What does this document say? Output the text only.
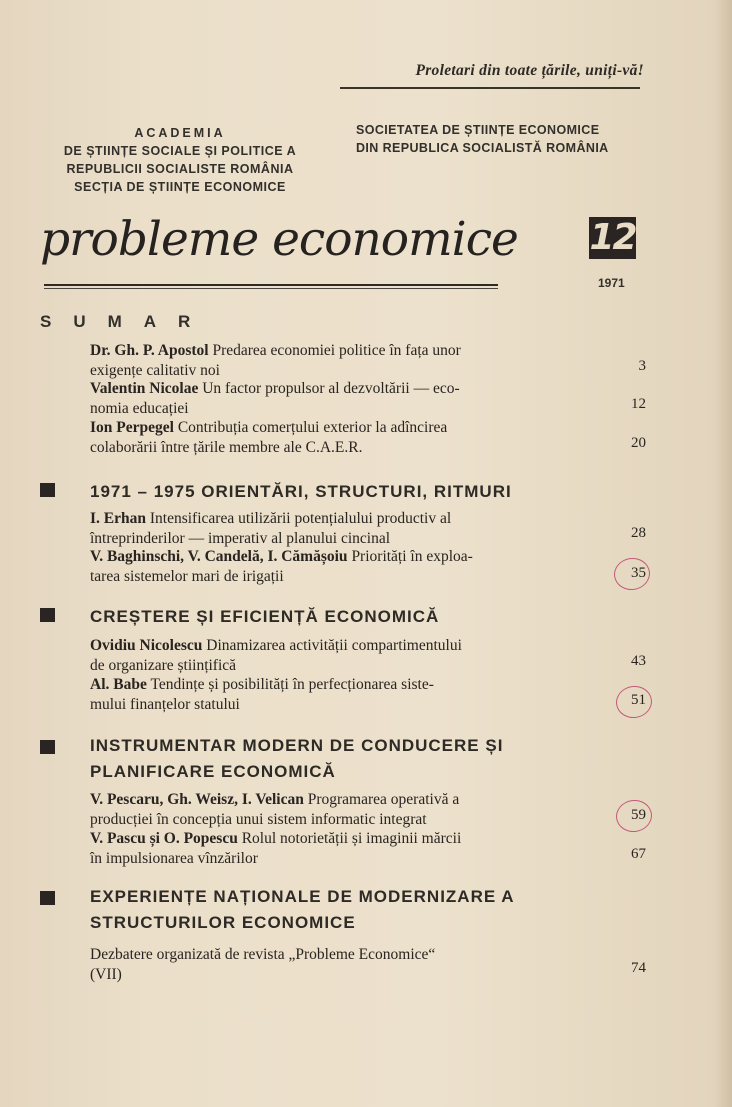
Proletari din toate țările, uniți-vă!
ACADEMIA
DE ȘTIINȚE SOCIALE ȘI POLITICE A
REPUBLICII SOCIALISTE ROMÂNIA
SECȚIA DE ȘTIINȚE ECONOMICE
SOCIETATEA DE ȘTIINȚE ECONOMICE
DIN REPUBLICA SOCIALISTĂ ROMÂNIA
probleme economice 12
1971
SUMAR
Dr. Gh. P. Apostol Predarea economiei politice în fața unor
exigențe calitativ noi	3
Valentin Nicolae Un factor propulsor al dezvoltării — eco-
nomia educației	12
Ion Perpegel Contribuția comerțului exterior la adîncirea
colaborării între țările membre ale C.A.E.R.	20
1971 – 1975 ORIENTĂRI, STRUCTURI, RITMURI
I. Erhan Intensificarea utilizării potențialului productiv al
întreprinderilor — imperativ al planului cincinal	28
V. Baghinschi, V. Candelă, I. Cămășoiu Priorități în exploa-
tarea sistemelor mari de irigații	35
CREȘTERE ȘI EFICIENȚĂ ECONOMICĂ
Ovidiu Nicolescu Dinamizarea activității compartimentului
de organizare științifică	43
Al. Babe Tendințe și posibilități în perfecționarea siste-
mului finanțelor statului	51
INSTRUMENTAR MODERN DE CONDUCERE ȘI
PLANIFICARE ECONOMICĂ
V. Pescaru, Gh. Weisz, I. Velican Programarea operativă a
producției în concepția unui sistem informatic integrat	59
V. Pascu și O. Popescu Rolul notorietății și imaginii mărcii
în impulsionarea vînzărilor	67
EXPERIENȚE NAȚIONALE DE MODERNIZARE A
STRUCTURILOR ECONOMICE
Dezbatere organizată de revista „Probleme Economice“
(VII)	74
